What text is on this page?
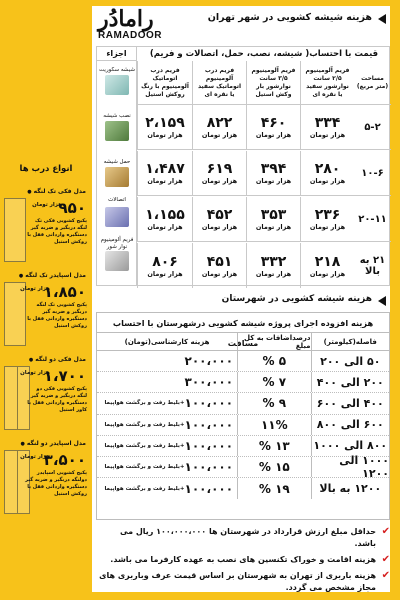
انواع درب ها
مدل فکی تک لنگه ●
۹۵۰
هزار تومان
پکیج کشویی فکی تک لنگه دربگیر و ضربه گیر دستگیره وارداتی قفل با روکش استیل
مدل اسپایدر تک لنگه ●
۱،۸۵۰
هزار تومان
پکیج کشویی تک لنگه دربگیر و ضربه گیر دستگیره وارداتی قفل با روکش استیل
مدل فکی دو لنگه ●
۱،۷۰۰
هزار تومان
پکیج کشویی فکی دو لنگه دربگیر و ضربه گیر دستگیره وارداتی قفل با کاور استیل
مدل اسپایدر دو لنگه ●
۳،۵۰۰
هزار تومان
پکیج کشویی اسپایدر دولنگه دربگیر و ضربه گیر دستگیره وارداتی قفل با روکش استیل
رامادُر
RAMADOOR
هزینه شیشه کشویی در شهر تهران
اجزاء
شیشه سکوریت
نصب شیشه
حمل شیشه
اتصالات
فریم آلومینیوم نوار شور
قیمت با احتساب( شیشه، نصب، حمل، اتصالات و فریم)
مساحت (متر مربع)
فریم آلومینیوم ۲/۵ سانت نوارشور سفید یا نقره ای
فریم آلومینیوم ۳/۵ سانت نوارشور بار وکش استیل
فریم درب آلومینیوم اتوماتیک سفید یا نقره ای
فریم درب اتوماتیک آلومینیوم با رنگ روکش استیل
۵-۲
۳۳۴
هزار تومان
۴۶۰
هزار تومان
۸۲۲
هزار تومان
۲،۱۵۹
هزار تومان
۱۰-۶
۲۸۰
هزار تومان
۳۹۴
هزار تومان
۶۱۹
هزار تومان
۱،۴۸۷
هزار تومان
۲۰-۱۱
۲۳۶
هزار تومان
۳۵۳
هزار تومان
۴۵۲
هزار تومان
۱،۱۵۵
هزار تومان
۲۱ به بالا
۲۱۸
هزار تومان
۳۳۲
هزار تومان
۴۵۱
هزار تومان
۸۰۶
هزار تومان
هزینه شیشه کشویی در شهرستان
هزینه افزوده اجرای پروژه شیشه کشویی درشهرستان با احتساب مسافت	فاصله(کیلومتر)
درصداضافات به کل مبلغ
هزینه کارشناسی(تومان)
۵۰ الی ۲۰۰
۵ %
۲۰۰،۰۰۰
۲۰۰ الی ۴۰۰
۷ %
۳۰۰،۰۰۰
۴۰۰ الی ۶۰۰
۹ %
۱۰۰،۰۰۰
+بلیط رفت و برگشت هواپیما
۶۰۰ الی ۸۰۰
۱۱%
۱۰۰،۰۰۰
+بلیط رفت و برگشت هواپیما
۸۰۰ الی ۱۰۰۰
۱۳ %
۱۰۰،۰۰۰
+بلیط رفت و برگشت هواپیما
۱۰۰۰ الی ۱۲۰۰
۱۵ %
۱۰۰،۰۰۰
+بلیط رفت و برگشت هواپیما
۱۲۰۰ به بالا
۱۹ %
۱۰۰،۰۰۰
+بلیط رفت و برگشت هواپیما
✔
حداقل مبلغ ارزش قرارداد در شهرستان ها ۱۰۰،۰۰۰،۰۰۰ ریال می باشد.
✔
هزینه اقامت و خوراک تکنسین های نصب به عهده کارفرما می باشد.
✔
هزینه باربری از تهران به شهرستان بر اساس قیمت عرف وباربری های مجاز مشخص می گردد.
